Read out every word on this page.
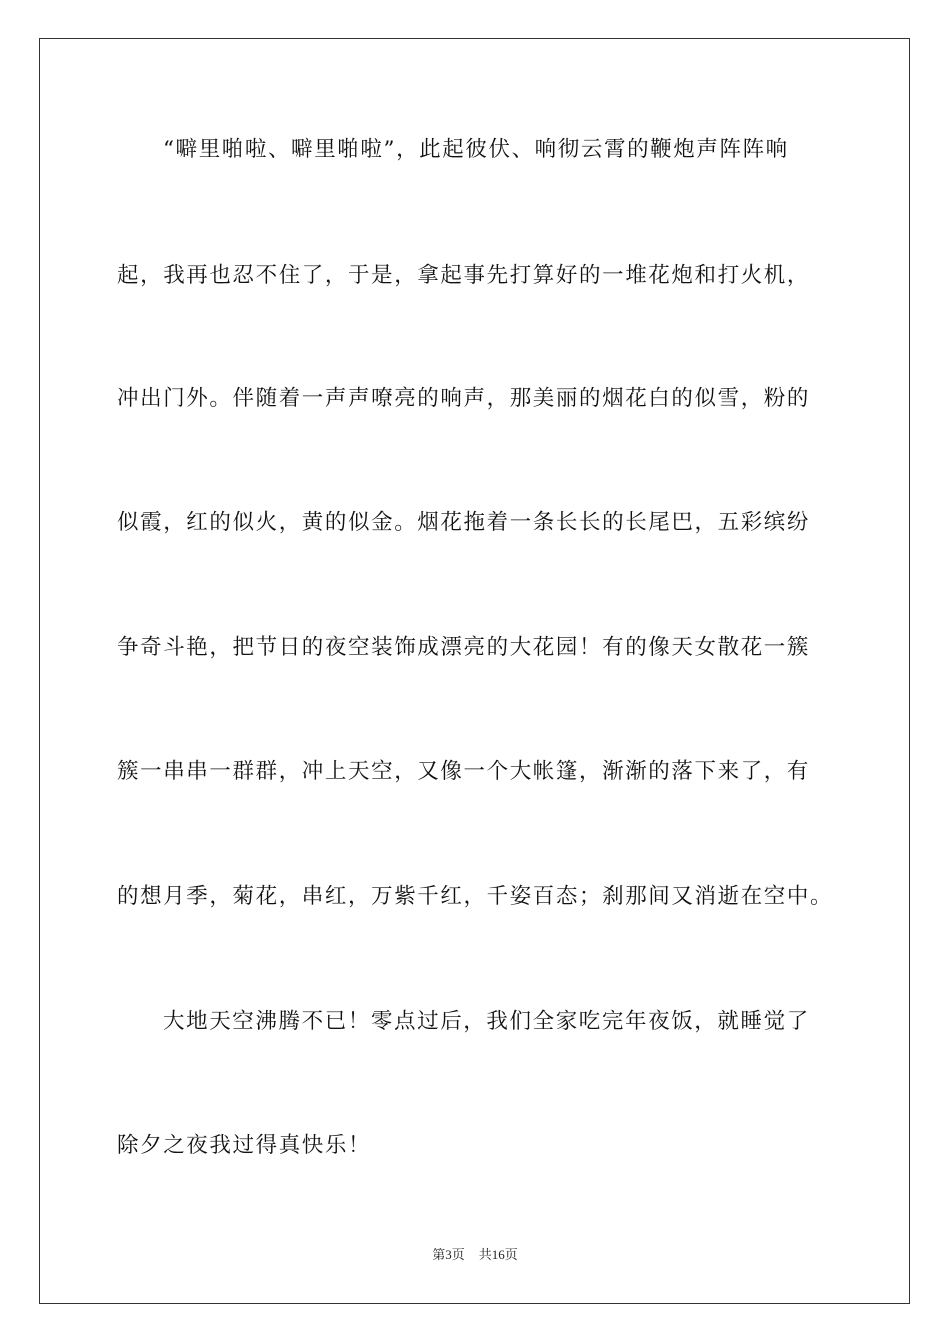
“噼里啪啦、噼里啪啦”，此起彼伏、响彻云霄的鞭炮声阵阵响
起，我再也忍不住了，于是，拿起事先打算好的一堆花炮和打火机，
冲出门外。伴随着一声声嘹亮的响声，那美丽的烟花白的似雪，粉的
似霞，红的似火，黄的似金。烟花拖着一条长长的长尾巴，五彩缤纷
争奇斗艳，把节日的夜空装饰成漂亮的大花园！有的像天女散花一簇
簇一串串一群群，冲上天空，又像一个大帐篷，渐渐的落下来了，有
的想月季，菊花，串红，万紫千红，千姿百态；刹那间又消逝在空中。
大地天空沸腾不已！零点过后，我们全家吃完年夜饭，就睡觉了
除夕之夜我过得真快乐！
第3页 共16页
